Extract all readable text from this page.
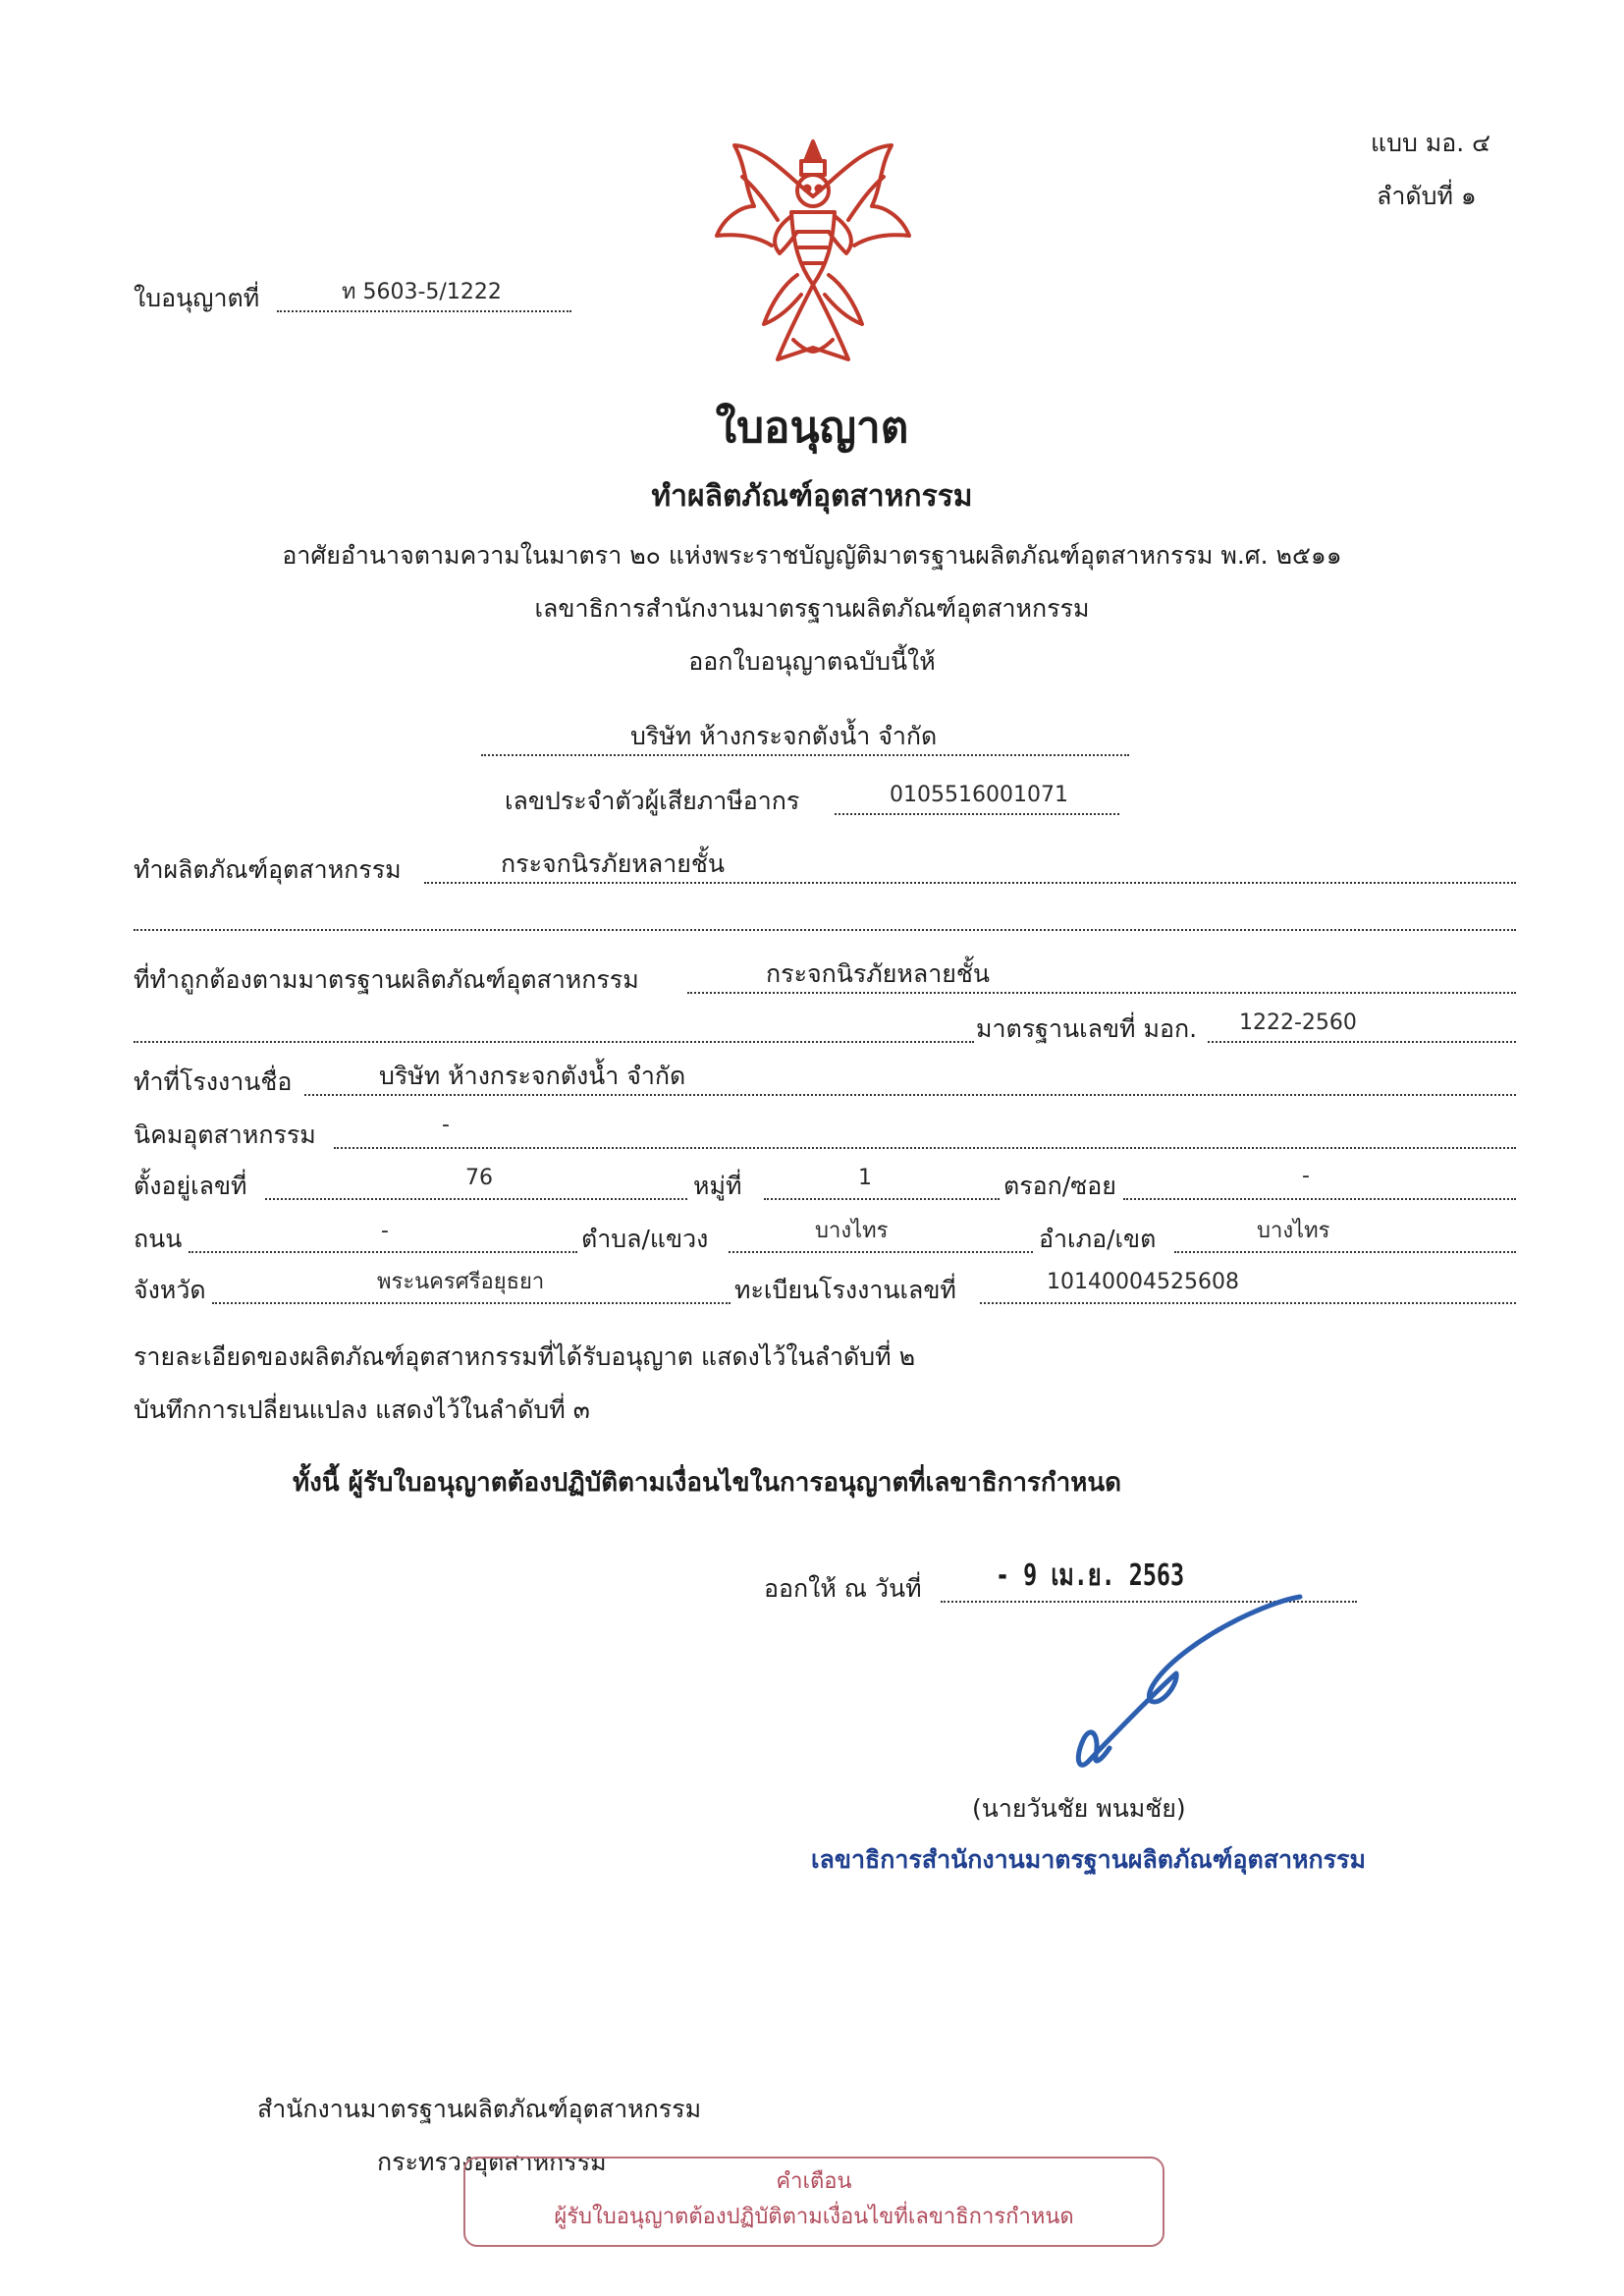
แบบ มอ. ๔
ลำดับที่ ๑
ใบอนุญาตที่	ท 5603-5/1222
ใบอนุญาต
ทำผลิตภัณฑ์อุตสาหกรรม
อาศัยอำนาจตามความในมาตรา ๒๐ แห่งพระราชบัญญัติมาตรฐานผลิตภัณฑ์อุตสาหกรรม พ.ศ. ๒๕๑๑
เลขาธิการสำนักงานมาตรฐานผลิตภัณฑ์อุตสาหกรรม
ออกใบอนุญาตฉบับนี้ให้
บริษัท ห้างกระจกตังน้ำ จำกัด
เลขประจำตัวผู้เสียภาษีอากร	0105516001071
ทำผลิตภัณฑ์อุตสาหกรรม	กระจกนิรภัยหลายชั้น
ที่ทำถูกต้องตามมาตรฐานผลิตภัณฑ์อุตสาหกรรม	กระจกนิรภัยหลายชั้น
มาตรฐานเลขที่ มอก. 1222-2560
ทำที่โรงงานชื่อ	บริษัท ห้างกระจกตังน้ำ จำกัด
นิคมอุตสาหกรรม	-
ตั้งอยู่เลขที่	76	หมู่ที่	1	ตรอก/ซอย	-
ถนน	-	ตำบล/แขวง	บางไทร	อำเภอ/เขต	บางไทร
จังหวัด	พระนครศรีอยุธยา	ทะเบียนโรงงานเลขที่	10140004525608
รายละเอียดของผลิตภัณฑ์อุตสาหกรรมที่ได้รับอนุญาต แสดงไว้ในลำดับที่ ๒
บันทึกการเปลี่ยนแปลง แสดงไว้ในลำดับที่ ๓
ทั้งนี้ ผู้รับใบอนุญาตต้องปฏิบัติตามเงื่อนไขในการอนุญาตที่เลขาธิการกำหนด
ออกให้ ณ วันที่	- 9 เม.ย. 2563
(นายวันชัย พนมชัย)
เลขาธิการสำนักงานมาตรฐานผลิตภัณฑ์อุตสาหกรรม
สำนักงานมาตรฐานผลิตภัณฑ์อุตสาหกรรม
กระทรวงอุตสาหกรรม
คำเตือน
ผู้รับใบอนุญาตต้องปฏิบัติตามเงื่อนไขที่เลขาธิการกำหนด
